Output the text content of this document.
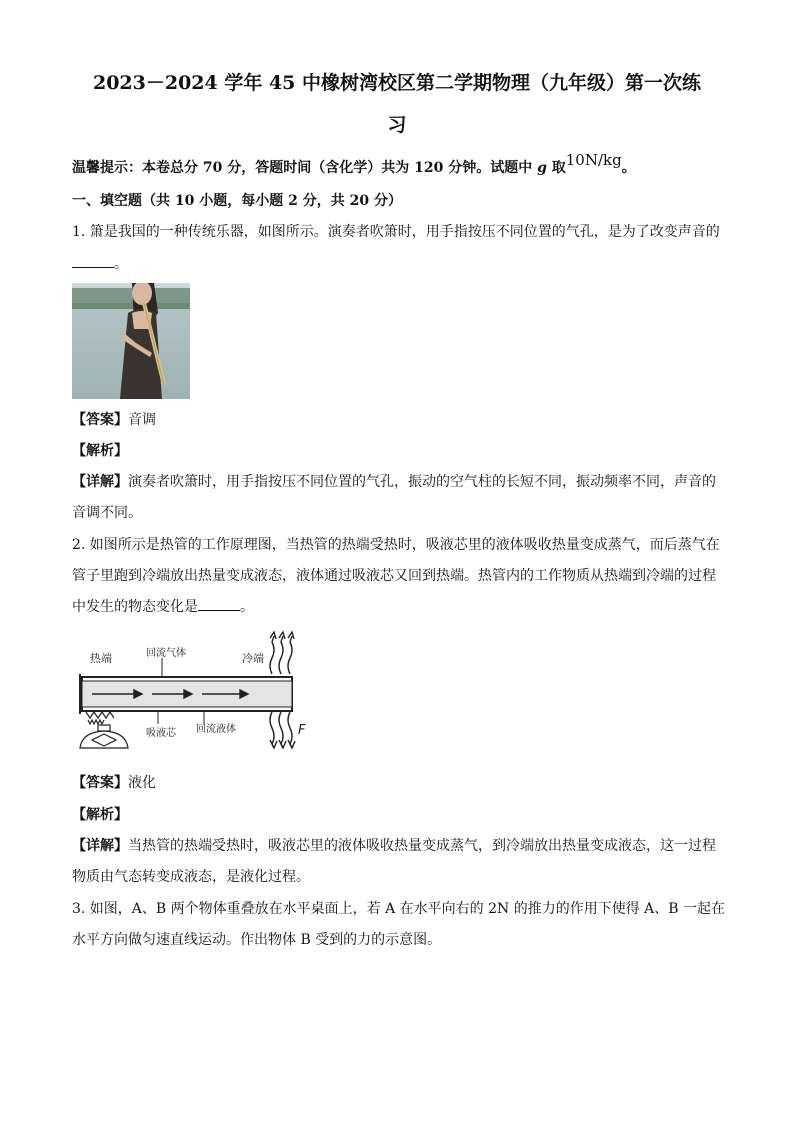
2023－2024 学年 45 中橡树湾校区第二学期物理（九年级）第一次练
习
温馨提示：本卷总分 70 分，答题时间（含化学）共为 120 分钟。试题中 g 取10N/kg。
一、填空题（共 10 小题，每小题 2 分，共 20 分）
1. 箫是我国的一种传统乐器，如图所示。演奏者吹箫时，用手指按压不同位置的气孔，是为了改变声音的
。
【答案】音调
【解析】
【详解】演奏者吹箫时，用手指按压不同位置的气孔，振动的空气柱的长短不同，振动频率不同，声音的
音调不同。
2. 如图所示是热管的工作原理图，当热管的热端受热时，吸液芯里的液体吸收热量变成蒸气，而后蒸气在
管子里跑到冷端放出热量变成液态，液体通过吸液芯又回到热端。热管内的工作物质从热端到冷端的过程
中发生的物态变化是	。
热端	回流气体	冷端
吸液芯 回流液体	F
【答案】液化
【解析】
【详解】当热管的热端受热时，吸液芯里的液体吸收热量变成蒸气，到冷端放出热量变成液态，这一过程
物质由气态转变成液态，是液化过程。
3. 如图，A、B 两个物体重叠放在水平桌面上，若 A 在水平向右的 2N 的推力的作用下使得 A、B 一起在
水平方向做匀速直线运动。作出物体 B 受到的力的示意图。
